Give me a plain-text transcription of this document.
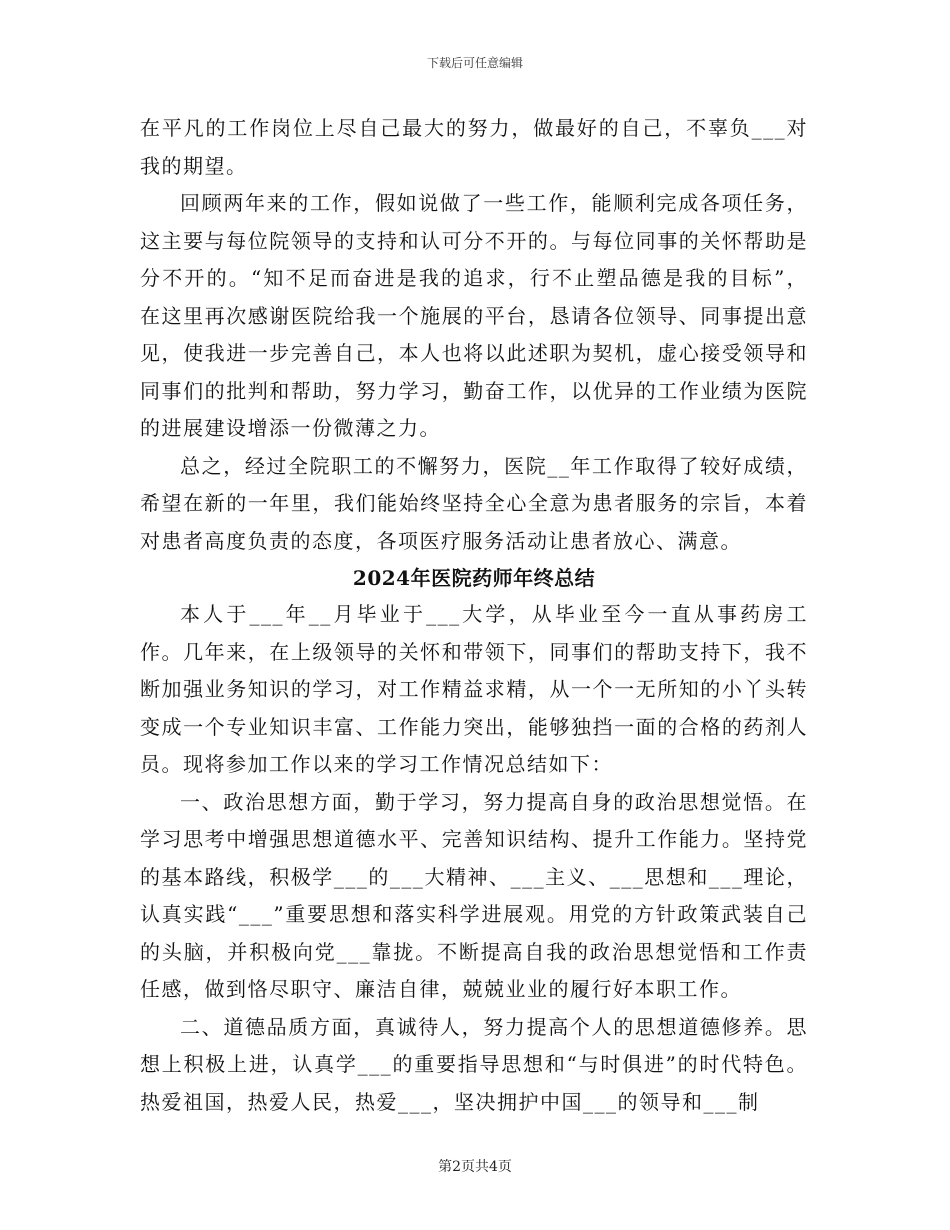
下载后可任意编辑

在平凡的工作岗位上尽自己最大的努力，做最好的自己，不辜负___对我的期望。

回顾两年来的工作，假如说做了一些工作，能顺利完成各项任务，这主要与每位院领导的支持和认可分不开的。与每位同事的关怀帮助是分不开的。“知不足而奋进是我的追求，行不止塑品德是我的目标”，在这里再次感谢医院给我一个施展的平台，恳请各位领导、同事提出意见，使我进一步完善自己，本人也将以此述职为契机，虚心接受领导和同事们的批判和帮助，努力学习，勤奋工作，以优异的工作业绩为医院的进展建设增添一份微薄之力。

总之，经过全院职工的不懈努力，医院__年工作取得了较好成绩，希望在新的一年里，我们能始终坚持全心全意为患者服务的宗旨，本着对患者高度负责的态度，各项医疗服务活动让患者放心、满意。

2024年医院药师年终总结

本人于___年__月毕业于___大学，从毕业至今一直从事药房工作。几年来，在上级领导的关怀和带领下，同事们的帮助支持下，我不断加强业务知识的学习，对工作精益求精，从一个一无所知的小丫头转变成一个专业知识丰富、工作能力突出，能够独挡一面的合格的药剂人员。现将参加工作以来的学习工作情况总结如下：

一、政治思想方面，勤于学习，努力提高自身的政治思想觉悟。在学习思考中增强思想道德水平、完善知识结构、提升工作能力。坚持党的基本路线，积极学___的___大精神、___主义、___思想和___理论，认真实践“___”重要思想和落实科学进展观。用党的方针政策武装自己的头脑，并积极向党___靠拢。不断提高自我的政治思想觉悟和工作责任感，做到恪尽职守、廉洁自律，兢兢业业的履行好本职工作。

二、道德品质方面，真诚待人，努力提高个人的思想道德修养。思想上积极上进，认真学___的重要指导思想和“与时俱进”的时代特色。热爱祖国，热爱人民，热爱___，坚决拥护中国___的领导和___制

第2页共4页
